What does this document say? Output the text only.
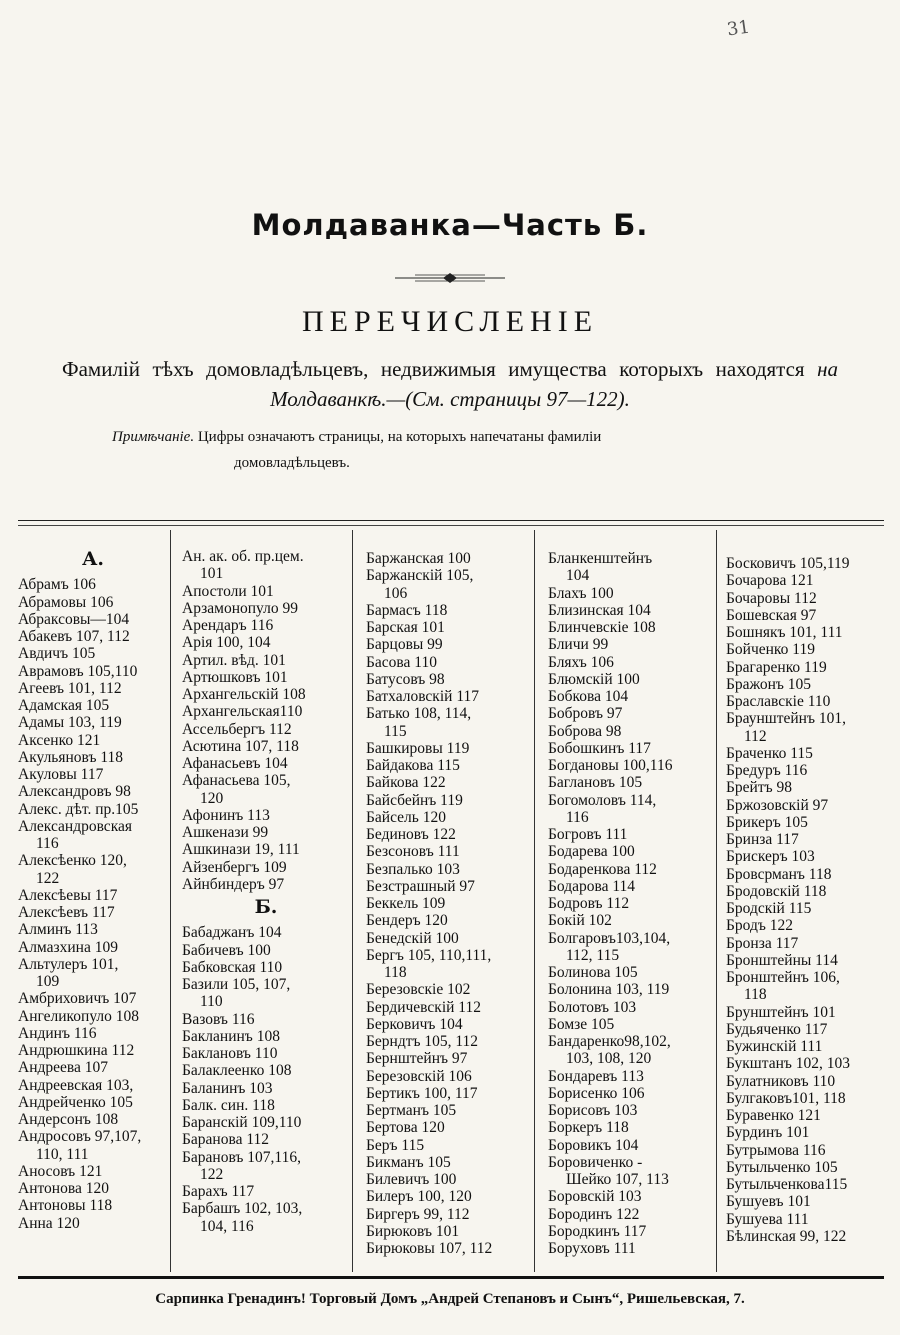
31
Молдаванка—Часть Б.
ПЕРЕЧИСЛЕНІЕ
Фамилій тѣхъ домовладѣльцевъ, недвижимыя имущества которыхъ находятся на Молдаванкѣ.—(См. страницы 97—122).
Примѣчаніе. Цифры означаютъ страницы, на которыхъ напечатаны фамиліи
домовладѣльцевъ.
А.
Абрамъ 106
Абрамовы 106
Абраксовы—104
Абакевъ 107, 112
Авдичъ 105
Аврамовъ 105,110
Агеевъ 101, 112
Адамская 105
Адамы 103, 119
Аксенко 121
Акульяновъ 118
Акуловы 117
Александровъ 98
Алекс. дѣт. пр.105
Александровская
116
Алексѣенко 120,
122
Алексѣевы 117
Алексѣевъ 117
Алминъ 113
Алмазхина 109
Альтулеръ 101,
109
Амбриховичъ 107
Ангеликопуло 108
Андинъ 116
Андрюшкина 112
Андреева 107
Андреевская 103,
Андрейченко 105
Андерсонъ 108
Андросовъ 97,107,
110, 111
Аносовъ 121
Антонова 120
Антоновы 118
Анна 120
Ан. ак. об. пр.цем.
101
Апостоли 101
Арзамонопуло 99
Арендаръ 116
Арія 100, 104
Артил. вѣд. 101
Артюшковъ 101
Архангельскій 108
Архангельская110
Ассельбергъ 112
Асютина 107, 118
Афанасьевъ 104
Афанасьева 105,
120
Афонинъ 113
Ашкенази 99
Ашкинази 19, 111
Айзенбергъ 109
Айнбиндеръ 97
Б.
Бабаджанъ 104
Бабичевъ 100
Бабковская 110
Базили 105, 107,
110
Вазовъ 116
Бакланинъ 108
Баклановъ 110
Балаклеенко 108
Баланинъ 103
Балк. син. 118
Баранскій 109,110
Баранова 112
Барановъ 107,116,
122
Барахъ 117
Барбашъ 102, 103,
104, 116
Баржанская 100
Баржанскій 105,
106
Бармасъ 118
Барская 101
Барцовы 99
Басова 110
Батусовъ 98
Батхаловскій 117
Батько 108, 114,
115
Башкировы 119
Байдакова 115
Байкова 122
Байсбейнъ 119
Байсель 120
Бединовъ 122
Безсоновъ 111
Безпалько 103
Безстрашный 97
Беккель 109
Бендеръ 120
Бенедскій 100
Бергъ 105, 110,111,
118
Березовскіе 102
Бердичевскій 112
Берковичъ 104
Берндтъ 105, 112
Бернштейнъ 97
Березовскій 106
Бертикъ 100, 117
Бертманъ 105
Бертова 120
Беръ 115
Бикманъ 105
Билевичъ 100
Билеръ 100, 120
Биргеръ 99, 112
Бирюковъ 101
Бирюковы 107, 112
Бланкенштейнъ
104
Блахъ 100
Близинская 104
Блинчевскіе 108
Бличи 99
Бляхъ 106
Блюмскій 100
Бобкова 104
Бобровъ 97
Боброва 98
Бобошкинъ 117
Богдановы 100,116
Баглановъ 105
Богомоловъ 114,
116
Богровъ 111
Бодарева 100
Бодаренкова 112
Бодарова 114
Бодровъ 112
Бокій 102
Болгаровъ103,104,
112, 115
Болинова 105
Болонина 103, 119
Болотовъ 103
Бомзе 105
Бандаренко98,102,
103, 108, 120
Бондаревъ 113
Борисенко 106
Борисовъ 103
Боркеръ 118
Боровикъ 104
Боровиченко -
Шейко 107, 113
Боровскій 103
Бородинъ 122
Бородкинъ 117
Боруховъ 111
Босковичъ 105,119
Бочарова 121
Бочаровы 112
Бошевская 97
Бошнякъ 101, 111
Бойченко 119
Брагаренко 119
Бражонъ 105
Браславскіе 110
Браунштейнъ 101,
112
Браченко 115
Бредуръ 116
Брейтъ 98
Бржозовскій 97
Брикеръ 105
Бринза 117
Брискеръ 103
Бровсрманъ 118
Бродовскій 118
Бродскій 115
Бродъ 122
Бронза 117
Бронштейны 114
Бронштейнъ 106,
118
Брунштейнъ 101
Будьяченко 117
Бужинскій 111
Букштанъ 102, 103
Булатниковъ 110
Булгаковъ101, 118
Буравенко 121
Бурдинъ 101
Бутрымова 116
Бутыльченко 105
Бутыльченкова115
Бушуевъ 101
Бушуева 111
Бѣлинская 99, 122
Сарпинка Гренадинъ! Торговый Домъ „Андрей Степановъ и Сынъ“, Ришельевская, 7.
